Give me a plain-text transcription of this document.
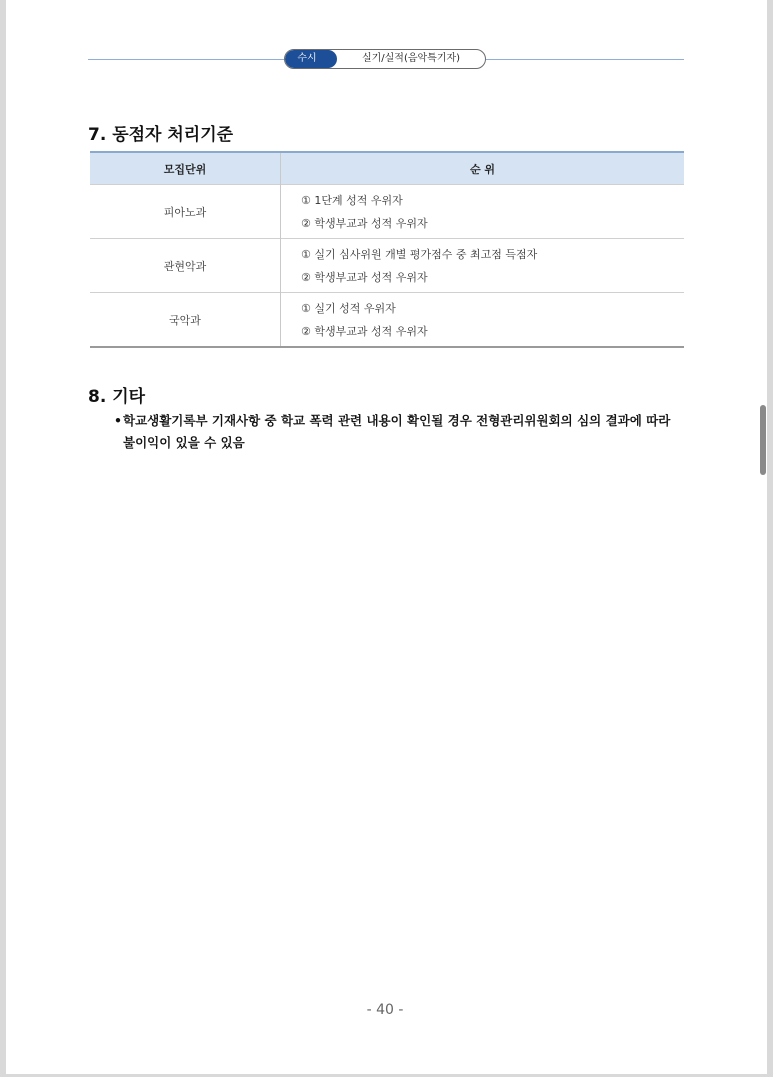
수시	실기/실적(음악특기자)
7. 동점자 처리기준
모집단위	순 위
피아노과	① 1단계 성적 우위자
② 학생부교과 성적 우위자

관현악과	① 실기 심사위원 개별 평가점수 중 최고점 득점자
② 학생부교과 성적 우위자

국악과	① 실기 성적 우위자
② 학생부교과 성적 우위자
8. 기타
• 학교생활기록부 기재사항 중 학교 폭력 관련 내용이 확인될 경우 전형관리위원회의 심의 결과에 따라
불이익이 있을 수 있음
- 40 -
